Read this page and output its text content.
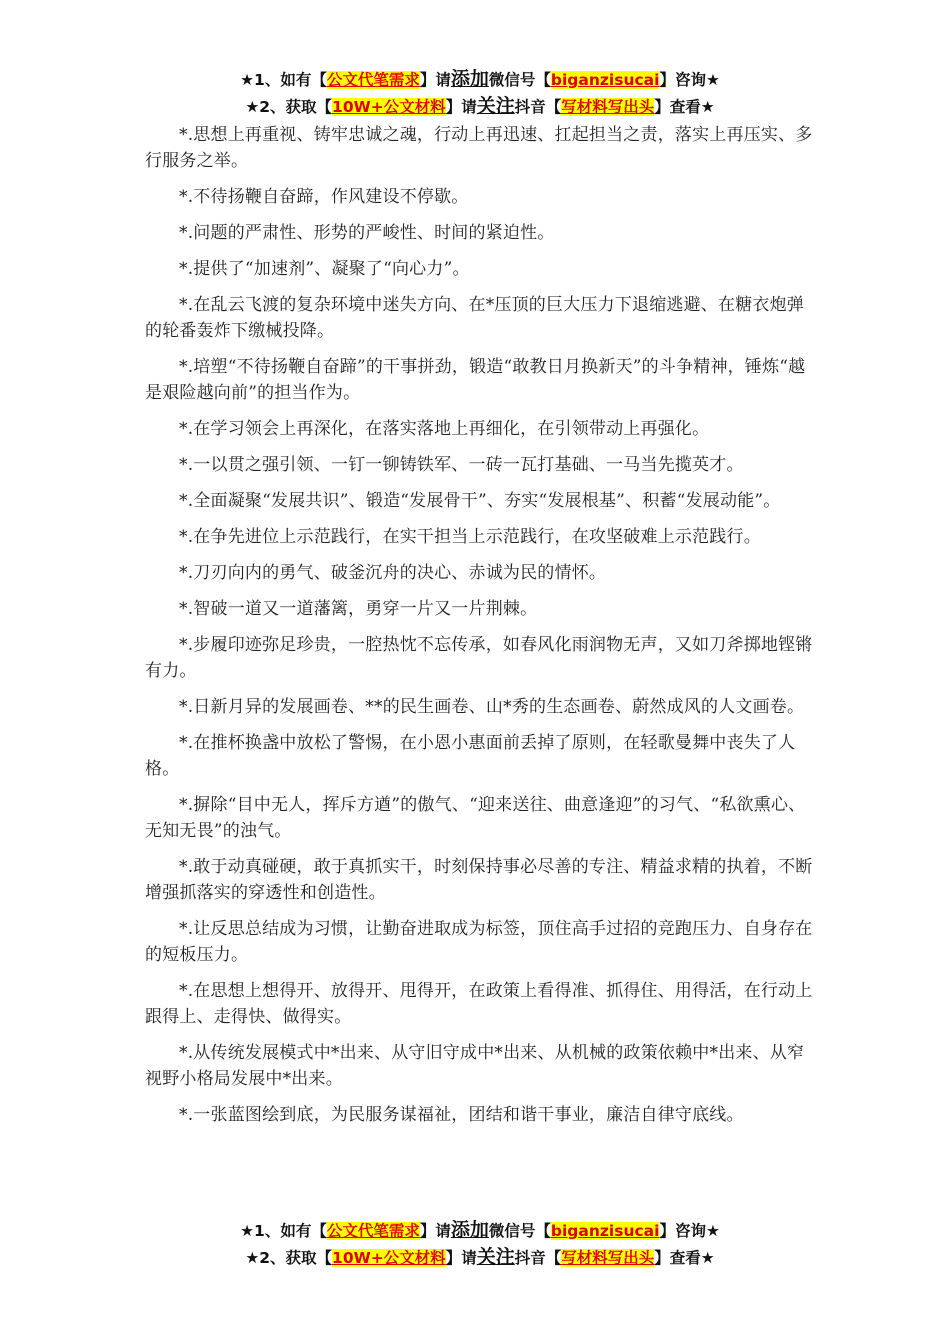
★1、如有【公文代笔需求】请添加微信号【biganzisucai】咨询★
★2、获取【10W+公文材料】请关注抖音【写材料写出头】查看★

*.思想上再重视、铸牢忠诚之魂，行动上再迅速、扛起担当之责，落实上再压实、多行服务之举。

*.不待扬鞭自奋蹄，作风建设不停歇。

*.问题的严肃性、形势的严峻性、时间的紧迫性。

*.提供了“加速剂”、凝聚了“向心力”。

*.在乱云飞渡的复杂环境中迷失方向、在*压顶的巨大压力下退缩逃避、在糖衣炮弹的轮番轰炸下缴械投降。

*.培塑“不待扬鞭自奋蹄”的干事拼劲，锻造“敢教日月换新天”的斗争精神，锤炼“越是艰险越向前”的担当作为。

*.在学习领会上再深化，在落实落地上再细化，在引领带动上再强化。

*.一以贯之强引领、一钉一铆铸铁军、一砖一瓦打基础、一马当先揽英才。

*.全面凝聚“发展共识”、锻造“发展骨干”、夯实“发展根基”、积蓄“发展动能”。

*.在争先进位上示范践行，在实干担当上示范践行，在攻坚破难上示范践行。

*.刀刃向内的勇气、破釜沉舟的决心、赤诚为民的情怀。

*.智破一道又一道藩篱，勇穿一片又一片荆棘。

*.步履印迹弥足珍贵，一腔热忱不忘传承，如春风化雨润物无声，又如刀斧掷地铿锵有力。

*.日新月异的发展画卷、**的民生画卷、山*秀的生态画卷、蔚然成风的人文画卷。

*.在推杯换盏中放松了警惕，在小恩小惠面前丢掉了原则，在轻歌曼舞中丧失了人格。

*.摒除“目中无人，挥斥方遒”的傲气、“迎来送往、曲意逢迎”的习气、“私欲熏心、无知无畏”的浊气。

*.敢于动真碰硬，敢于真抓实干，时刻保持事必尽善的专注、精益求精的执着，不断增强抓落实的穿透性和创造性。

*.让反思总结成为习惯，让勤奋进取成为标签，顶住高手过招的竞跑压力、自身存在的短板压力。

*.在思想上想得开、放得开、甩得开，在政策上看得准、抓得住、用得活，在行动上跟得上、走得快、做得实。

*.从传统发展模式中*出来、从守旧守成中*出来、从机械的政策依赖中*出来、从窄视野小格局发展中*出来。

*.一张蓝图绘到底，为民服务谋福祉，团结和谐干事业，廉洁自律守底线。

★1、如有【公文代笔需求】请添加微信号【biganzisucai】咨询★
★2、获取【10W+公文材料】请关注抖音【写材料写出头】查看★
